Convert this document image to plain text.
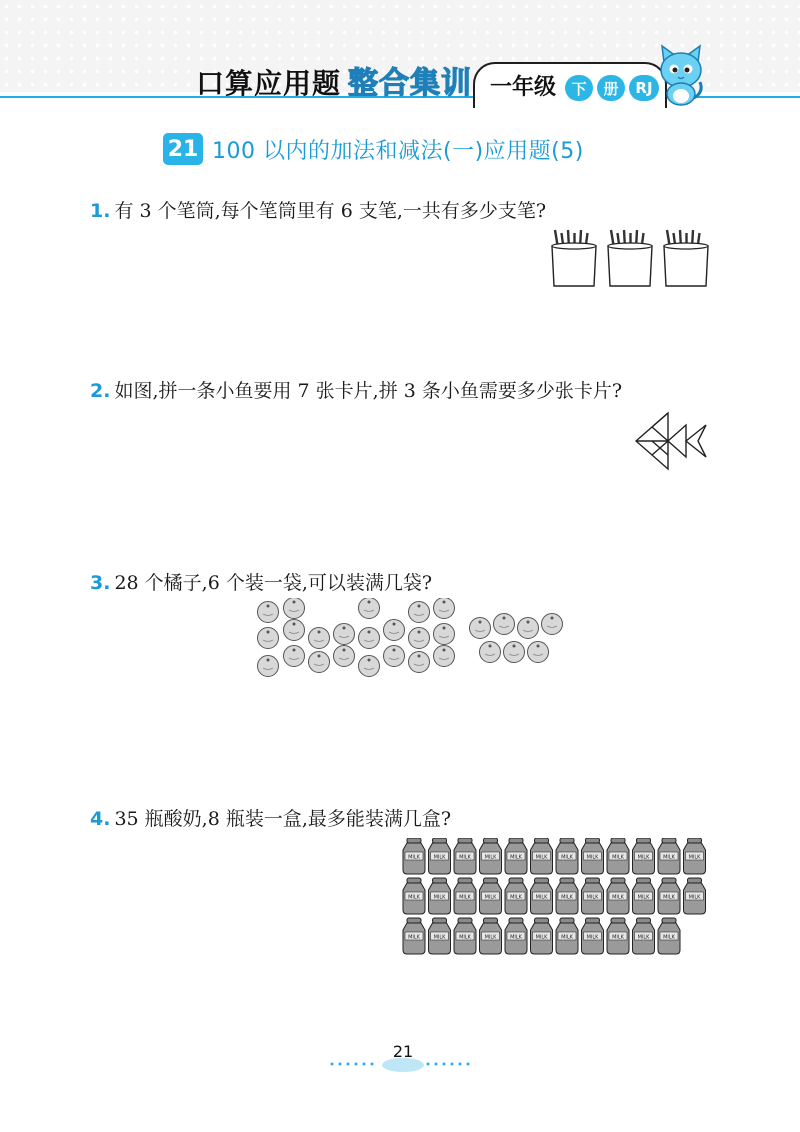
口算应用题 整合集训 一年级	下	册	RJ
21 100 以内的加法和减法(一)应用题(5)
1. 有 3 个笔筒,每个笔筒里有 6 支笔,一共有多少支笔?
2. 如图,拼一条小鱼要用 7 张卡片,拼 3 条小鱼需要多少张卡片?
3. 28 个橘子,6 个装一袋,可以装满几袋?
4. 35 瓶酸奶,8 瓶装一盒,最多能装满几盒?
MILK	MILK	MILK	MILK	MILK	MILK	MILK	MILK	MILK	MILK	MILK	MILK
MILK	MILK	MILK	MILK	MILK	MILK	MILK	MILK	MILK	MILK	MILK	MILK
MILK	MILK	MILK	MILK	MILK	MILK	MILK	MILK	MILK	MILK	MILK
21
